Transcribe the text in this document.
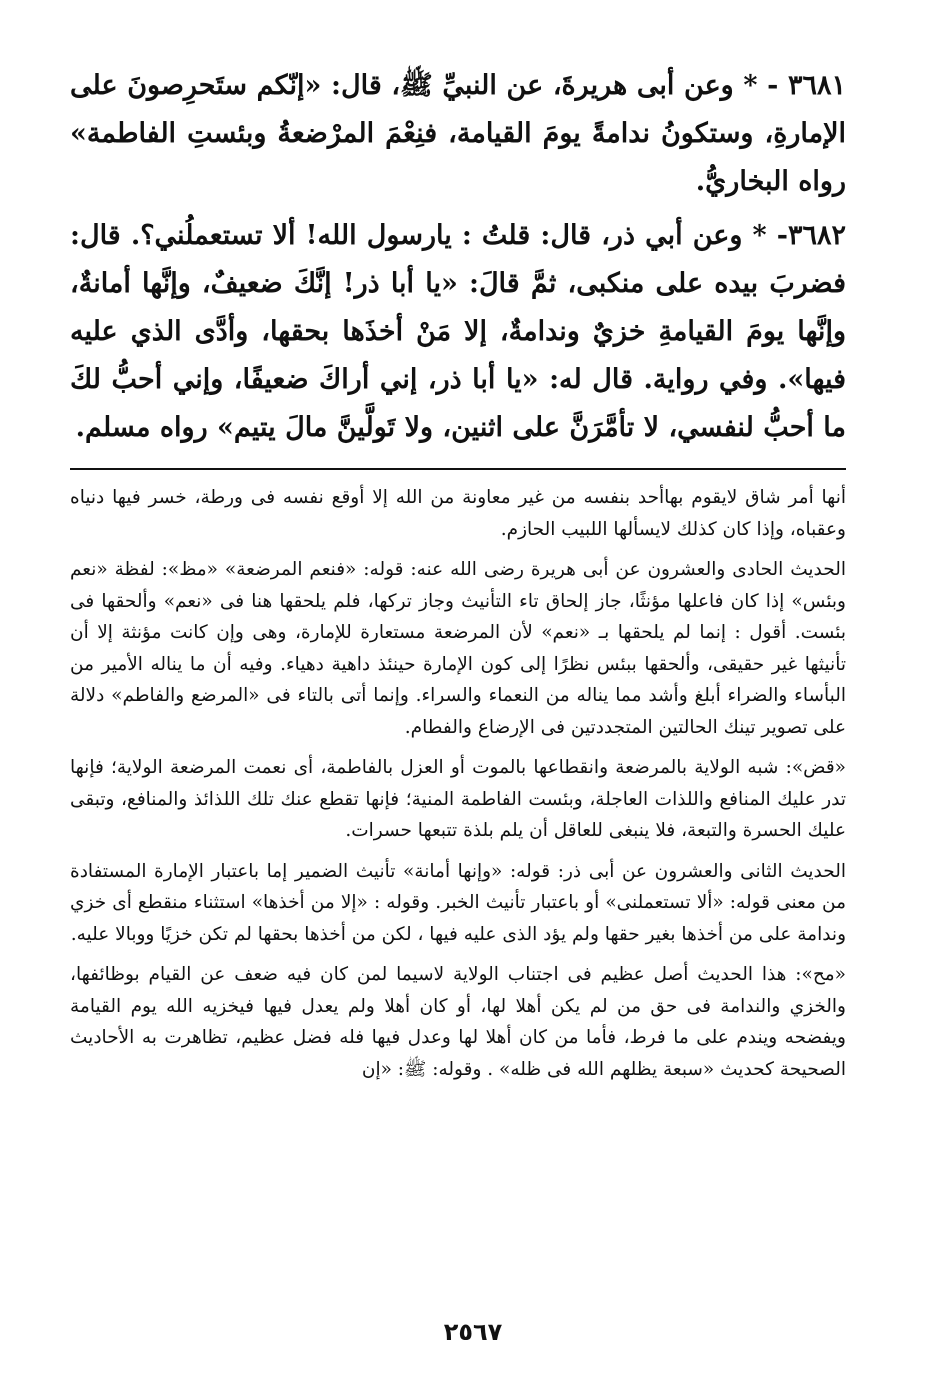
٣٦٨١ - * وعن أبى هريرةَ، عن النبيِّ ﷺ، قال: «إنّكم ستَحرِصونَ على الإمارةِ، وستكونُ ندامةً يومَ القيامة، فنِعْمَ المرْضعةُ وبئستِ الفاطمة» رواه البخاريُّ.

٣٦٨٢- * وعن أبي ذر، قال: قلتُ : يارسول الله! ألا تستعملُني؟. قال: فضربَ بيده على منكبى، ثمَّ قالَ: «يا أبا ذر! إنَّكَ ضعيفٌ، وإنَّها أمانةٌ، وإنَّها يومَ القيامةِ خزيٌ وندامةٌ، إلا مَنْ أخذَها بحقها، وأدَّى الذي عليه فيها». وفي رواية. قال له: «يا أبا ذر، إني أراكَ ضعيفًا، وإني أحبُّ لكَ ما أحبُّ لنفسي، لا تأمَّرَنَّ على اثنين، ولا تَولَّينَّ مالَ يتيم» رواه مسلم.

أنها أمر شاق لايقوم بهاأحد بنفسه من غير معاونة من الله إلا أوقع نفسه فى ورطة، خسر فيها دنياه وعقباه، وإذا كان كذلك لايسألها اللبيب الحازم.

الحديث الحادى والعشرون عن أبى هريرة رضى الله عنه: قوله: «فنعم المرضعة» «مظ»: لفظة «نعم وبئس» إذا كان فاعلها مؤنثًا، جاز إلحاق تاء التأنيث وجاز تركها، فلم يلحقها هنا فى «نعم» وألحقها فى بئست. أقول : إنما لم يلحقها بـ «نعم» لأن المرضعة مستعارة للإمارة، وهى وإن كانت مؤنثة إلا أن تأنيثها غير حقيقى، وألحقها ببئس نظرًا إلى كون الإمارة حينئذ داهية دهياء. وفيه أن ما يناله الأمير من البأساء والضراء أبلغ وأشد مما يناله من النعماء والسراء. وإنما أتى بالتاء فى «المرضع والفاطم» دلالة على تصوير تينك الحالتين المتجددتين فى الإرضاع والفطام.

«قض»: شبه الولاية بالمرضعة وانقطاعها بالموت أو العزل بالفاطمة، أى نعمت المرضعة الولاية؛ فإنها تدر عليك المنافع واللذات العاجلة، وبئست الفاطمة المنية؛ فإنها تقطع عنك تلك اللذائذ والمنافع، وتبقى عليك الحسرة والتبعة، فلا ينبغى للعاقل أن يلم بلذة تتبعها حسرات.

الحديث الثانى والعشرون عن أبى ذر: قوله: «وإنها أمانة» تأنيث الضمير إما باعتبار الإمارة المستفادة من معنى قوله: «ألا تستعملنى» أو باعتبار تأنيث الخبر. وقوله : «إلا من أخذها» استثناء منقطع أى خزي وندامة على من أخذها بغير حقها ولم يؤد الذى عليه فيها ، لكن من أخذها بحقها لم تكن خزيًا ووبالا عليه.

«مح»: هذا الحديث أصل عظيم فى اجتناب الولاية لاسيما لمن كان فيه ضعف عن القيام بوظائفها، والخزي والندامة فى حق من لم يكن أهلا لها، أو كان أهلا ولم يعدل فيها فيخزيه الله يوم القيامة ويفضحه ويندم على ما فرط، فأما من كان أهلا لها وعدل فيها فله فضل عظيم، تظاهرت به الأحاديث الصحيحة كحديث «سبعة يظلهم الله فى ظله» . وقوله: ﷺ: «إن

٢٥٦٧
